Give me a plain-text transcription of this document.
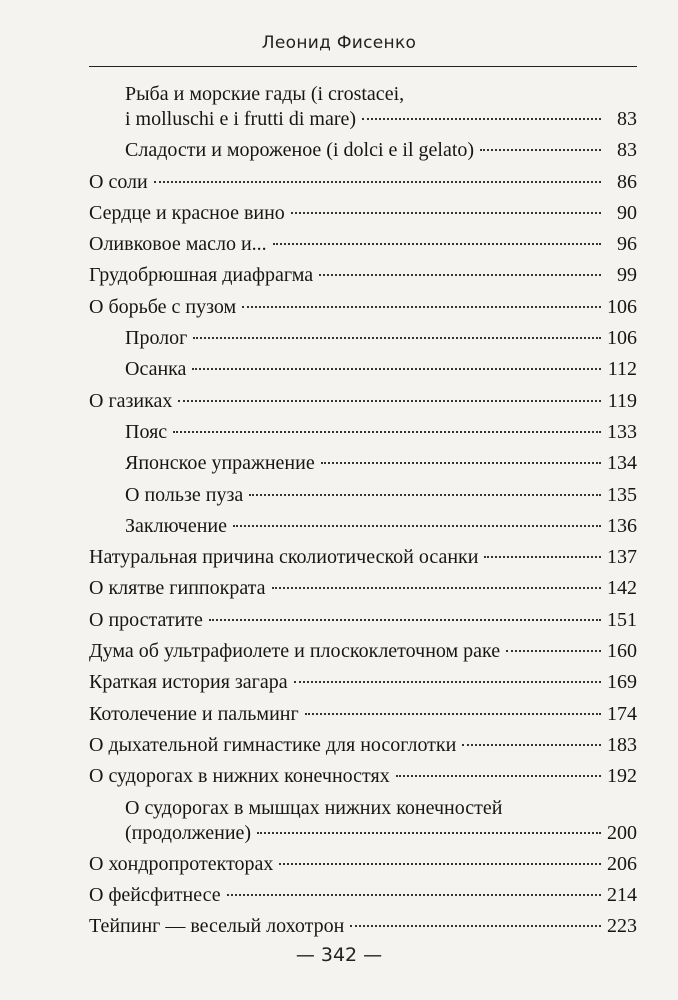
Леонид Фисенко
Рыба и морские гады (i crostacei,
i molluschi e i frutti di mare)	83
Сладости и мороженое (i dolci e il gelato)	83
О соли	86
Сердце и красное вино	90
Оливковое масло и...	96
Грудобрюшная диафрагма	99
О борьбе с пузом	106
Пролог	106
Осанка	112
О газиках	119
Пояс	133
Японское упражнение	134
О пользе пуза	135
Заключение	136
Натуральная причина сколиотической осанки	137
О клятве гиппократа	142
О простатите	151
Дума об ультрафиолете и плоскоклеточном раке	160
Краткая история загара	169
Котолечение и пальминг	174
О дыхательной гимнастике для носоглотки	183
О судорогах в нижних конечностях	192
О судорогах в мышцах нижних конечностей
(продолжение)	200
О хондропротекторах	206
О фейсфитнесе	214
Тейпинг — веселый лохотрон	223
— 342 —
